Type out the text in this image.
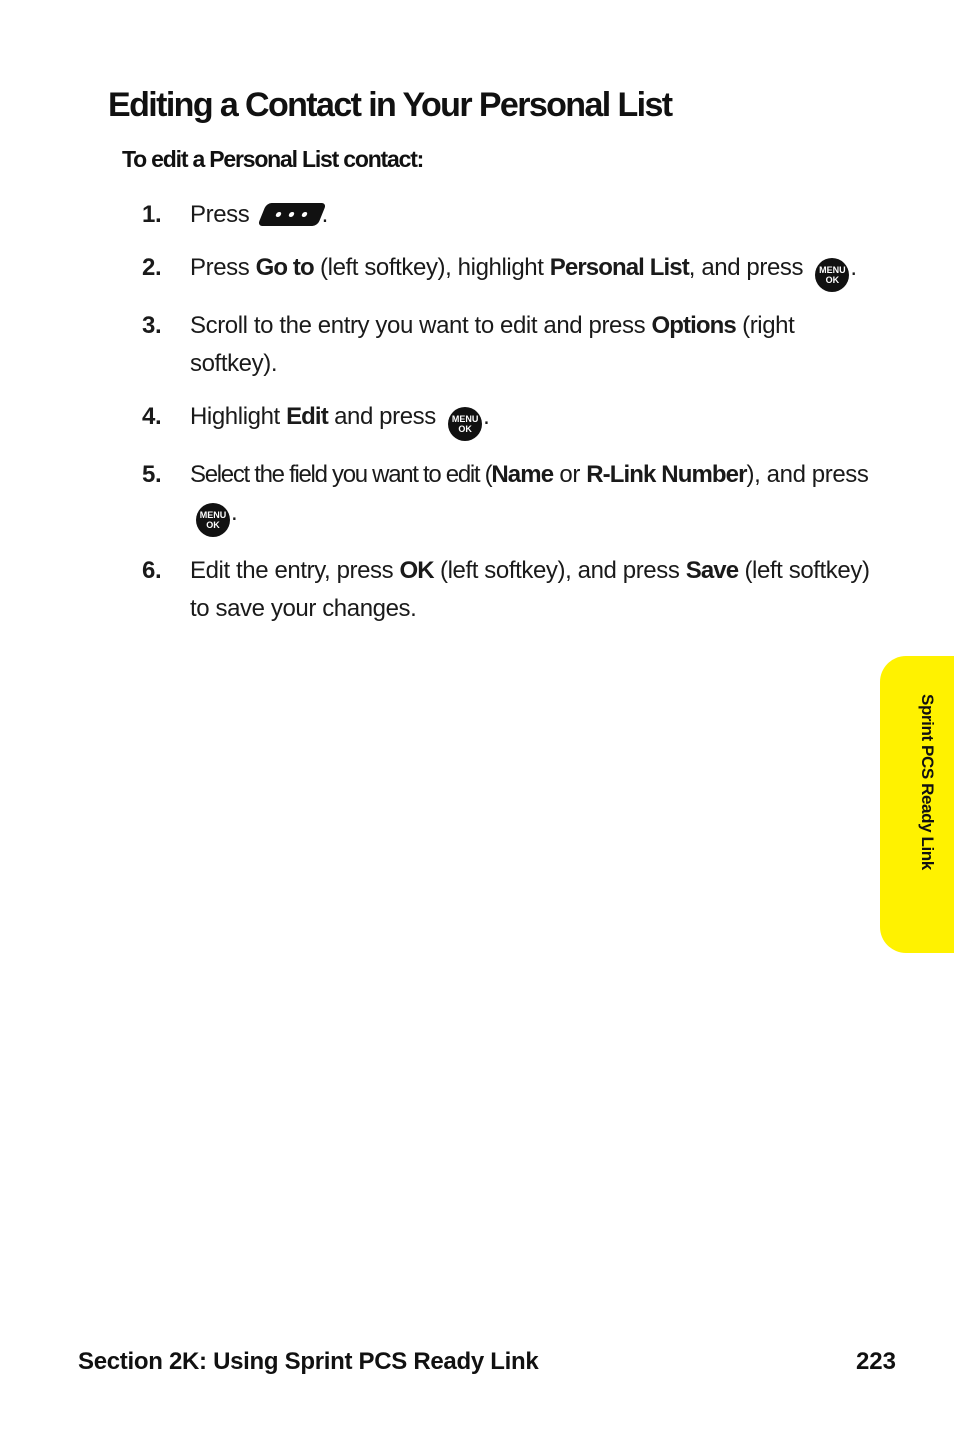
Editing a Contact in Your Personal List

To edit a Personal List contact:

1. Press	.
2. Press Go to (left softkey), highlight Personal List, and press	MENU
OK .
3. Scroll to the entry you want to edit and press Options (right softkey).
4. Highlight Edit and press	MENU
OK .
5. Select the field you want to edit (Name or R-Link Number), and press
MENU
OK .
6. Edit the entry, press OK (left softkey), and press Save (left softkey) to save your changes.

Sprint PCS Ready Link

Section 2K: Using Sprint PCS Ready Link	223
